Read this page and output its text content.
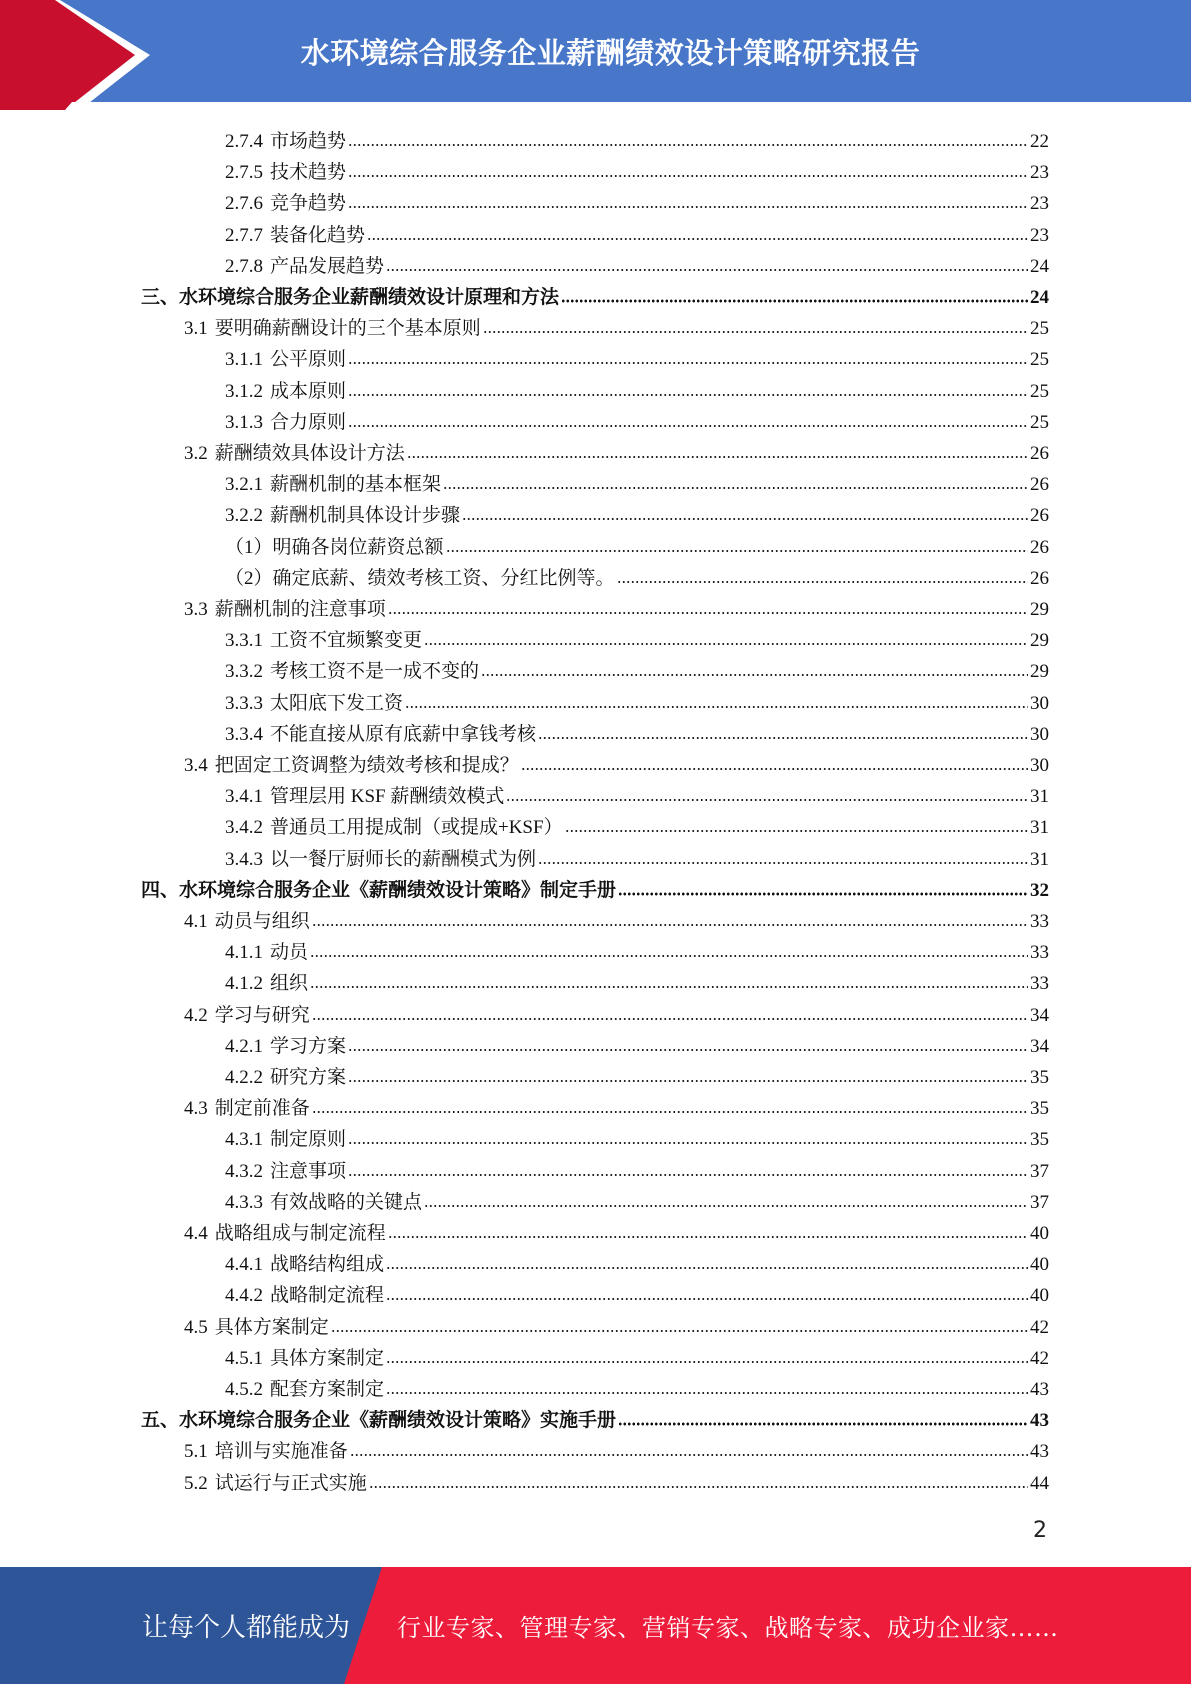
水环境综合服务企业薪酬绩效设计策略研究报告
2.7.4 市场趋势	22
2.7.5 技术趋势	23
2.7.6 竞争趋势	23
2.7.7 装备化趋势	23
2.7.8 产品发展趋势	24
三、水环境综合服务企业薪酬绩效设计原理和方法	24
3.1 要明确薪酬设计的三个基本原则	25
3.1.1 公平原则	25
3.1.2 成本原则	25
3.1.3 合力原则	25
3.2 薪酬绩效具体设计方法	26
3.2.1 薪酬机制的基本框架	26
3.2.2 薪酬机制具体设计步骤	26
（1）明确各岗位薪资总额	26
（2）确定底薪、绩效考核工资、分红比例等。	26
3.3 薪酬机制的注意事项	29
3.3.1 工资不宜频繁变更	29
3.3.2 考核工资不是一成不变的	29
3.3.3 太阳底下发工资	30
3.3.4 不能直接从原有底薪中拿钱考核	30
3.4 把固定工资调整为绩效考核和提成？	30
3.4.1 管理层用 KSF 薪酬绩效模式	31
3.4.2 普通员工用提成制（或提成+KSF）	31
3.4.3 以一餐厅厨师长的薪酬模式为例	31
四、水环境综合服务企业《薪酬绩效设计策略》制定手册	32
4.1 动员与组织	33
4.1.1 动员	33
4.1.2 组织	33
4.2 学习与研究	34
4.2.1 学习方案	34
4.2.2 研究方案	35
4.3 制定前准备	35
4.3.1 制定原则	35
4.3.2 注意事项	37
4.3.3 有效战略的关键点	37
4.4 战略组成与制定流程	40
4.4.1 战略结构组成	40
4.4.2 战略制定流程	40
4.5 具体方案制定	42
4.5.1 具体方案制定	42
4.5.2 配套方案制定	43
五、水环境综合服务企业《薪酬绩效设计策略》实施手册	43
5.1 培训与实施准备	43
5.2 试运行与正式实施	44
2
让每个人都能成为 行业专家、管理专家、营销专家、战略专家、成功企业家……
